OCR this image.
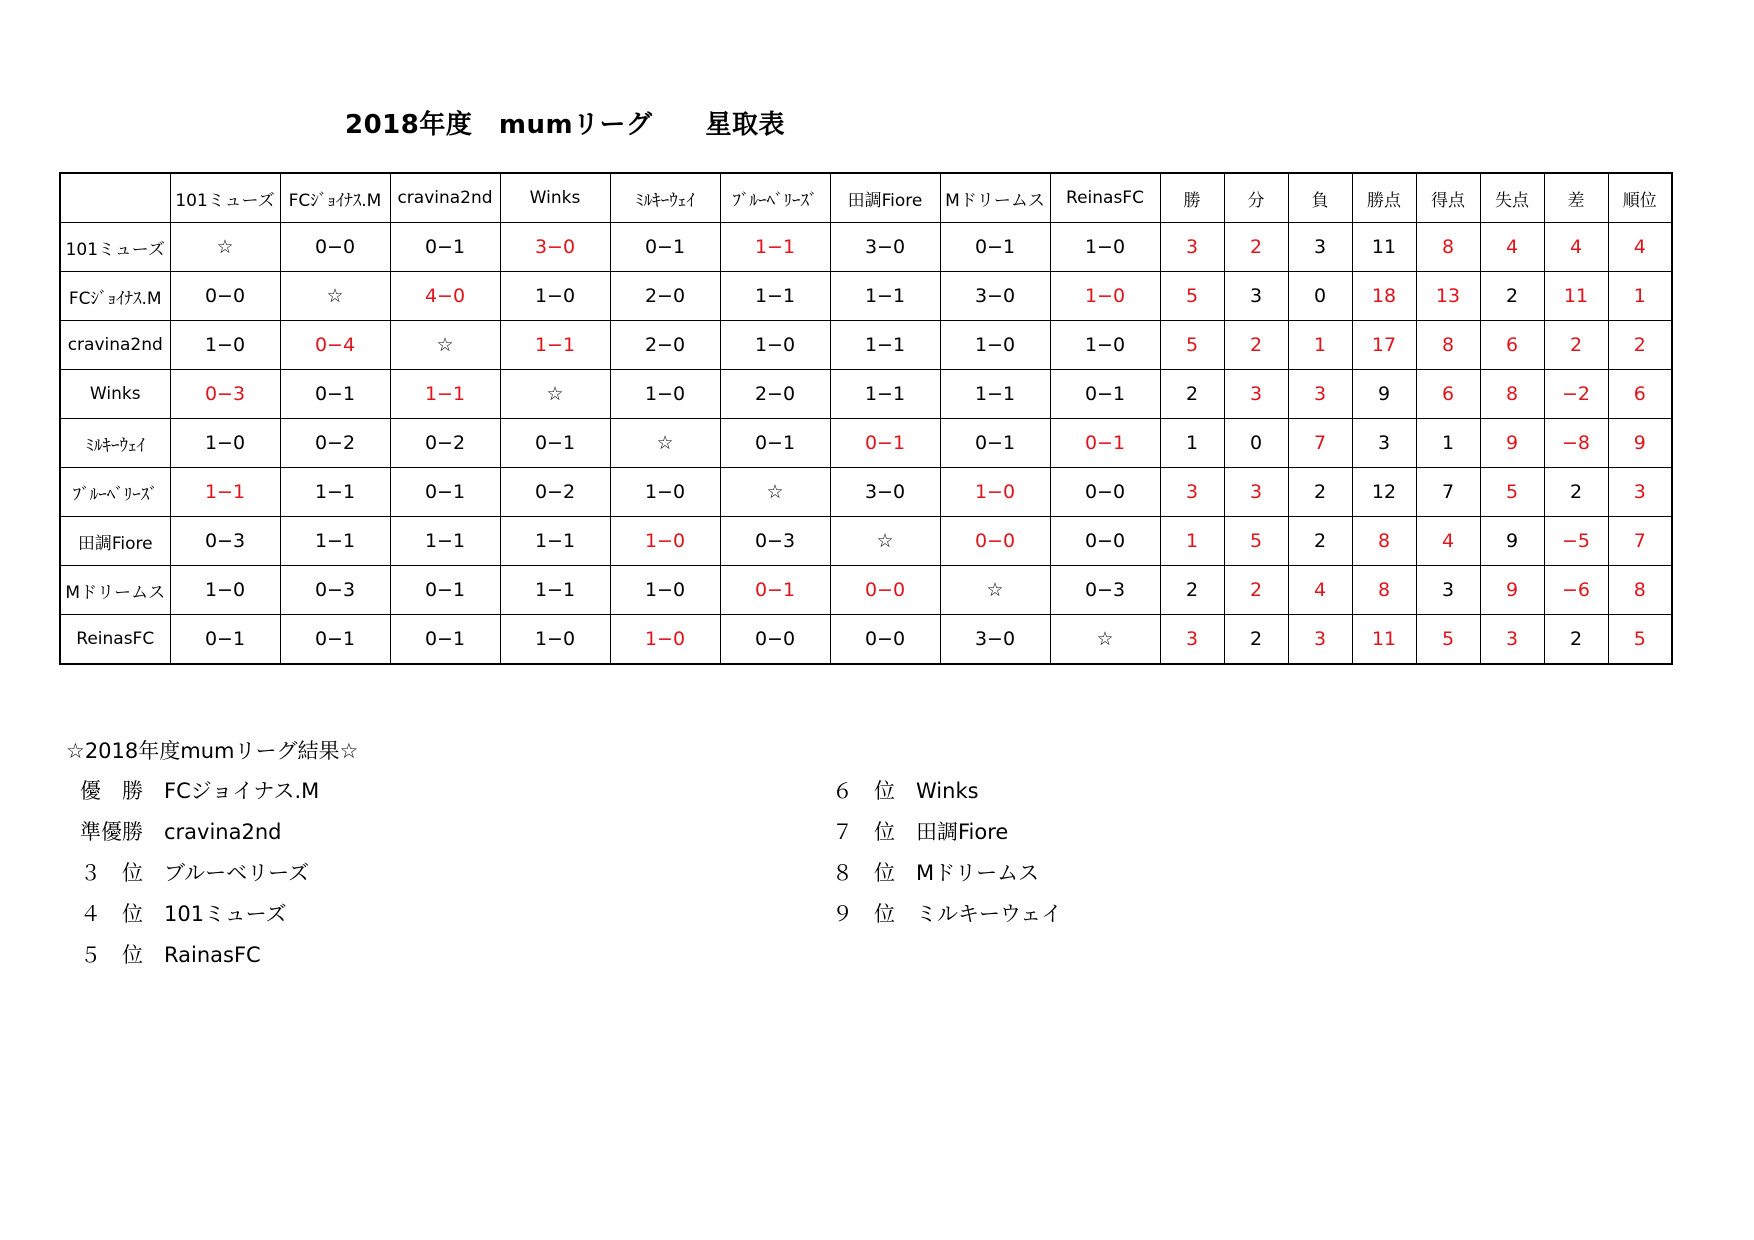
2018年度　mumリーグ　　星取表
	101ミューズ	FCｼﾞｮｲﾅｽ.M	cravina2nd	Winks	ﾐﾙｷｰｳｪｲ	ﾌﾞﾙｰﾍﾞﾘｰｽﾞ	田調Fiore	Mドリームス	ReinasFC	勝	分	負	勝点	得点	失点	差	順位
101ミューズ	☆	0−0	0−1	3−0	0−1	1−1	3−0	0−1	1−0	3	2	3	11	8	4	4	4
FCｼﾞｮｲﾅｽ.M	0−0	☆	4−0	1−0	2−0	1−1	1−1	3−0	1−0	5	3	0	18	13	2	11	1
cravina2nd	1−0	0−4	☆	1−1	2−0	1−0	1−1	1−0	1−0	5	2	1	17	8	6	2	2
Winks	0−3	0−1	1−1	☆	1−0	2−0	1−1	1−1	0−1	2	3	3	9	6	8	−2	6
ﾐﾙｷｰｳｪｲ	1−0	0−2	0−2	0−1	☆	0−1	0−1	0−1	0−1	1	0	7	3	1	9	−8	9
ﾌﾞﾙｰﾍﾞﾘｰｽﾞ	1−1	1−1	0−1	0−2	1−0	☆	3−0	1−0	0−0	3	3	2	12	7	5	2	3
田調Fiore	0−3	1−1	1−1	1−1	1−0	0−3	☆	0−0	0−0	1	5	2	8	4	9	−5	7
Mドリームス	1−0	0−3	0−1	1−1	1−0	0−1	0−0	☆	0−3	2	2	4	8	3	9	−6	8
ReinasFC	0−1	0−1	0−1	1−0	1−0	0−0	0−0	3−0	☆	3	2	3	11	5	3	2	5
☆2018年度mumリーグ結果☆
優　勝　 FCジョイナス.M
準優勝　 cravina2nd
３　位　 ブルーベリーズ
４　位　 101ミューズ
５　位　 RainasFC
６　位　 Winks
７　位　 田調Fiore
８　位　 Mドリームス
９　位　 ミルキーウェイ
